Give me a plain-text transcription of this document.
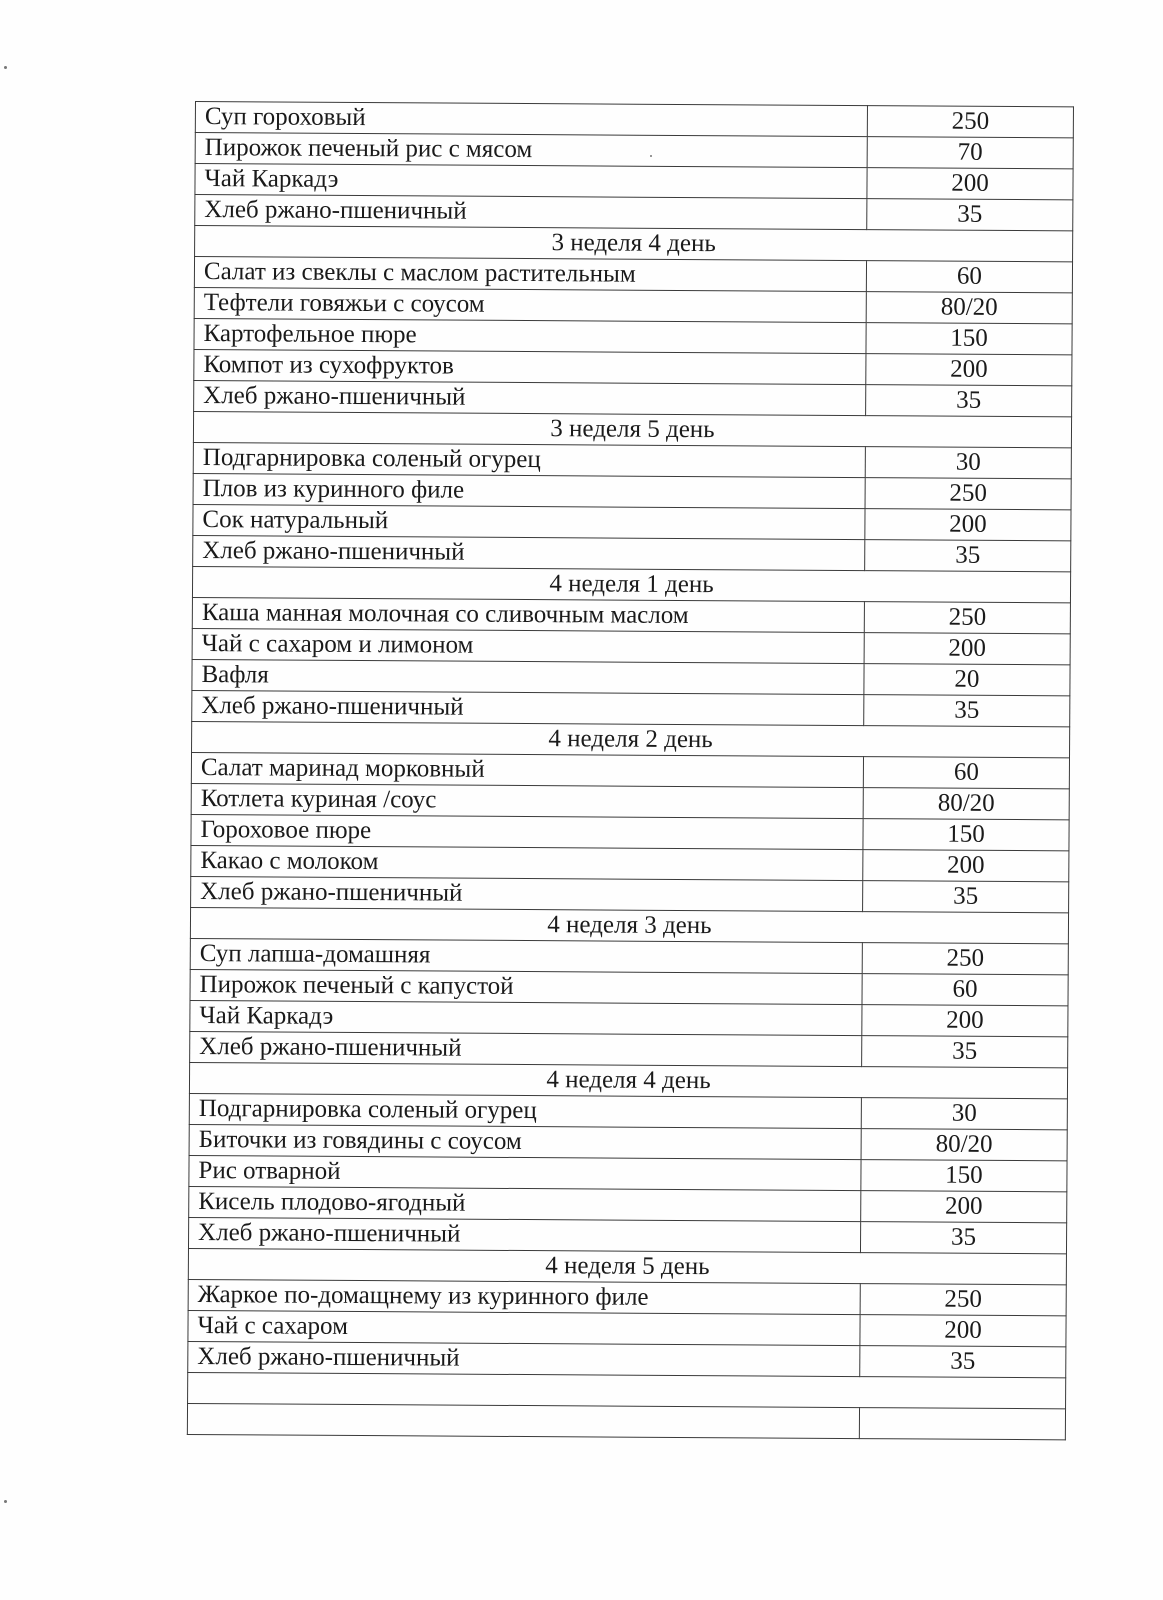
Суп гороховый	250
Пирожок печеный рис с мясом	70
Чай Каркадэ	200
Хлеб ржано-пшеничный	35
3 неделя 4 день	
Салат из свеклы с маслом растительным	60
Тефтели говяжьи с соусом	80/20
Картофельное пюре	150
Компот из сухофруктов	200
Хлеб ржано-пшеничный	35
3 неделя 5 день	
Подгарнировка соленый огурец	30
Плов из куринного филе	250
Сок натуральный	200
Хлеб ржано-пшеничный	35
4 неделя 1 день	
Каша манная молочная со сливочным маслом	250
Чай с сахаром и лимоном	200
Вафля	20
Хлеб ржано-пшеничный	35
4 неделя 2 день	
Салат маринад морковный	60
Котлета куриная /соус	80/20
Гороховое пюре	150
Какао с молоком	200
Хлеб ржано-пшеничный	35
4 неделя 3 день	
Суп лапша-домашняя	250
Пирожок печеный с капустой	60
Чай Каркадэ	200
Хлеб ржано-пшеничный	35
4 неделя 4 день	
Подгарнировка соленый огурец	30
Биточки из говядины с соусом	80/20
Рис отварной	150
Кисель плодово-ягодный	200
Хлеб ржано-пшеничный	35
4 неделя 5 день	
Жаркое по-домащнему из куринного филе	250
Чай с сахаром	200
Хлеб ржано-пшеничный	35
